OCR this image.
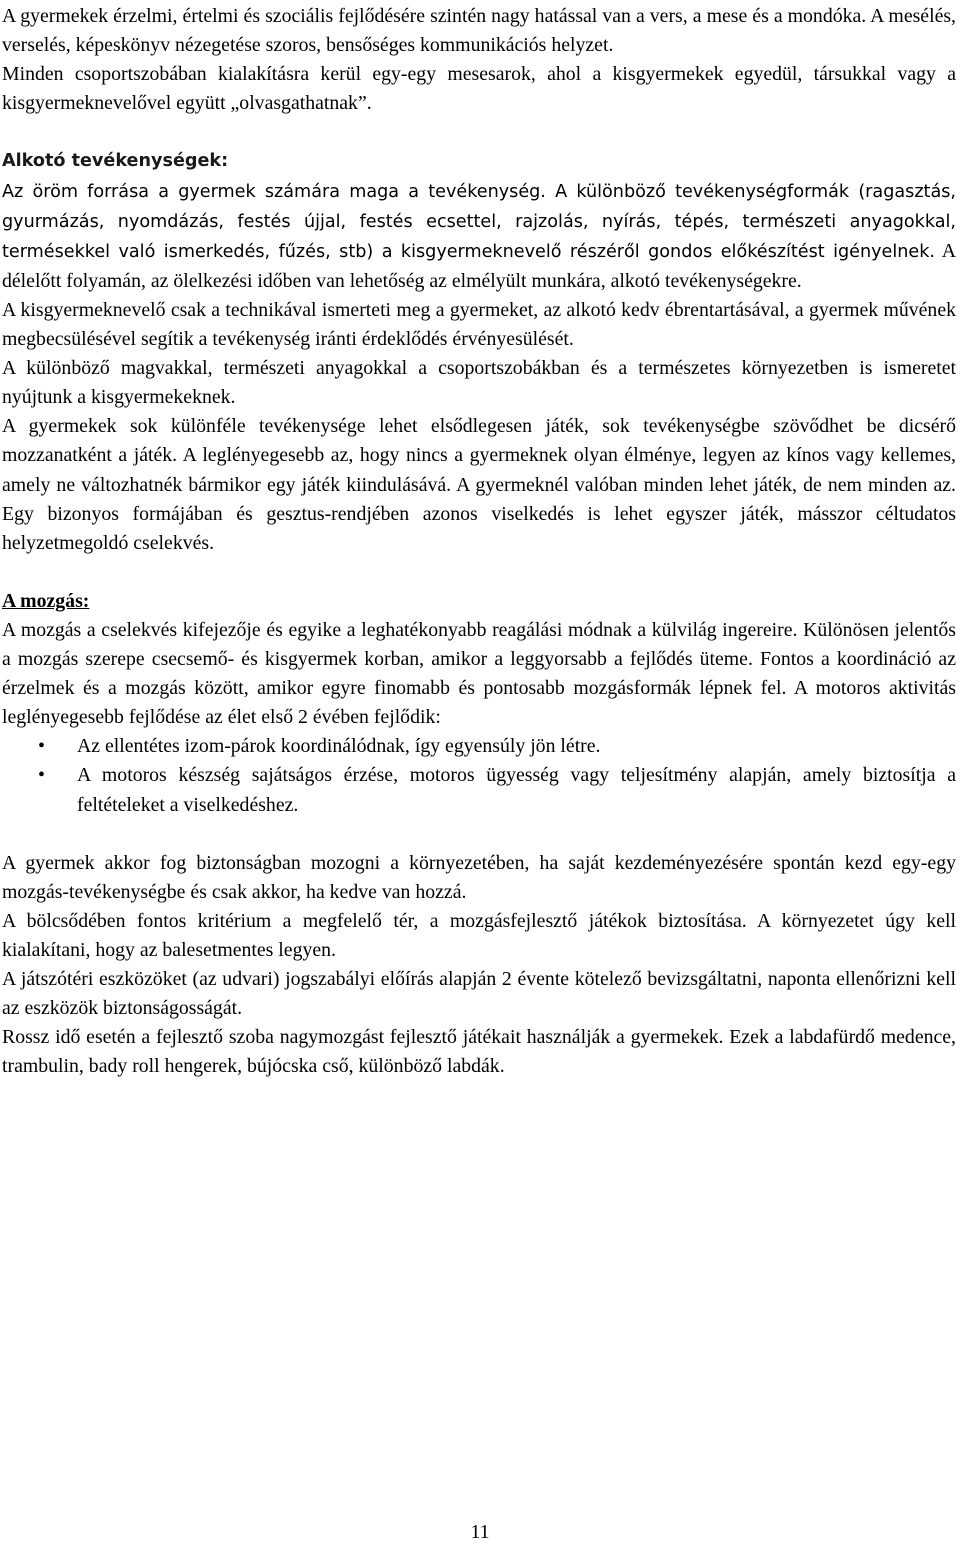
A gyermekek érzelmi, értelmi és szociális fejlődésére szintén nagy hatással van a vers, a mese és a mondóka. A mesélés, verselés, képeskönyv nézegetése szoros, bensőséges kommunikációs helyzet.

Minden csoportszobában kialakításra kerül egy-egy mesesarok, ahol a kisgyermekek egyedül, társukkal vagy a kisgyermeknevelővel együtt „olvasgathatnak”.

Alkotó tevékenységek:

Az öröm forrása a gyermek számára maga a tevékenység. A különböző tevékenységformák (ragasztás, gyurmázás, nyomdázás, festés újjal, festés ecsettel, rajzolás, nyírás, tépés, természeti anyagokkal, termésekkel való ismerkedés, fűzés, stb) a kisgyermeknevelő részéről gondos előkészítést igényelnek. A délelőtt folyamán, az ölelkezési időben van lehetőség az elmélyült munkára, alkotó tevékenységekre.

A kisgyermeknevelő csak a technikával ismerteti meg a gyermeket, az alkotó kedv ébrentartásával, a gyermek művének megbecsülésével segítik a tevékenység iránti érdeklődés érvényesülését.

A különböző magvakkal, természeti anyagokkal a csoportszobákban és a természetes környezetben is ismeretet nyújtunk a kisgyermekeknek.

A gyermekek sok különféle tevékenysége lehet elsődlegesen játék, sok tevékenységbe szövődhet be dicsérő mozzanatként a játék. A leglényegesebb az, hogy nincs a gyermeknek olyan élménye, legyen az kínos vagy kellemes, amely ne változhatnék bármikor egy játék kiindulásává. A gyermeknél valóban minden lehet játék, de nem minden az. Egy bizonyos formájában és gesztus-rendjében azonos viselkedés is lehet egyszer játék, másszor céltudatos helyzetmegoldó cselekvés.

A mozgás:

A mozgás a cselekvés kifejezője és egyike a leghatékonyabb reagálási módnak a külvilág ingereire. Különösen jelentős a mozgás szerepe csecsemő- és kisgyermek korban, amikor a leggyorsabb a fejlődés üteme. Fontos a koordináció az érzelmek és a mozgás között, amikor egyre finomabb és pontosabb mozgásformák lépnek fel. A motoros aktivitás leglényegesebb fejlődése az élet első 2 évében fejlődik:

• Az ellentétes izom-párok koordinálódnak, így egyensúly jön létre.
• A motoros készség sajátságos érzése, motoros ügyesség vagy teljesítmény alapján, amely biztosítja a feltételeket a viselkedéshez.

A gyermek akkor fog biztonságban mozogni a környezetében, ha saját kezdeményezésére spontán kezd egy-egy mozgás-tevékenységbe és csak akkor, ha kedve van hozzá.

A bölcsődében fontos kritérium a megfelelő tér, a mozgásfejlesztő játékok biztosítása. A környezetet úgy kell kialakítani, hogy az balesetmentes legyen.

A játszótéri eszközöket (az udvari) jogszabályi előírás alapján 2 évente kötelező bevizsgáltatni, naponta ellenőrizni kell az eszközök biztonságosságát.

Rossz idő esetén a fejlesztő szoba nagymozgást fejlesztő játékait használják a gyermekek. Ezek a labdafürdő medence, trambulin, bady roll hengerek, bújócska cső, különböző labdák.

11
